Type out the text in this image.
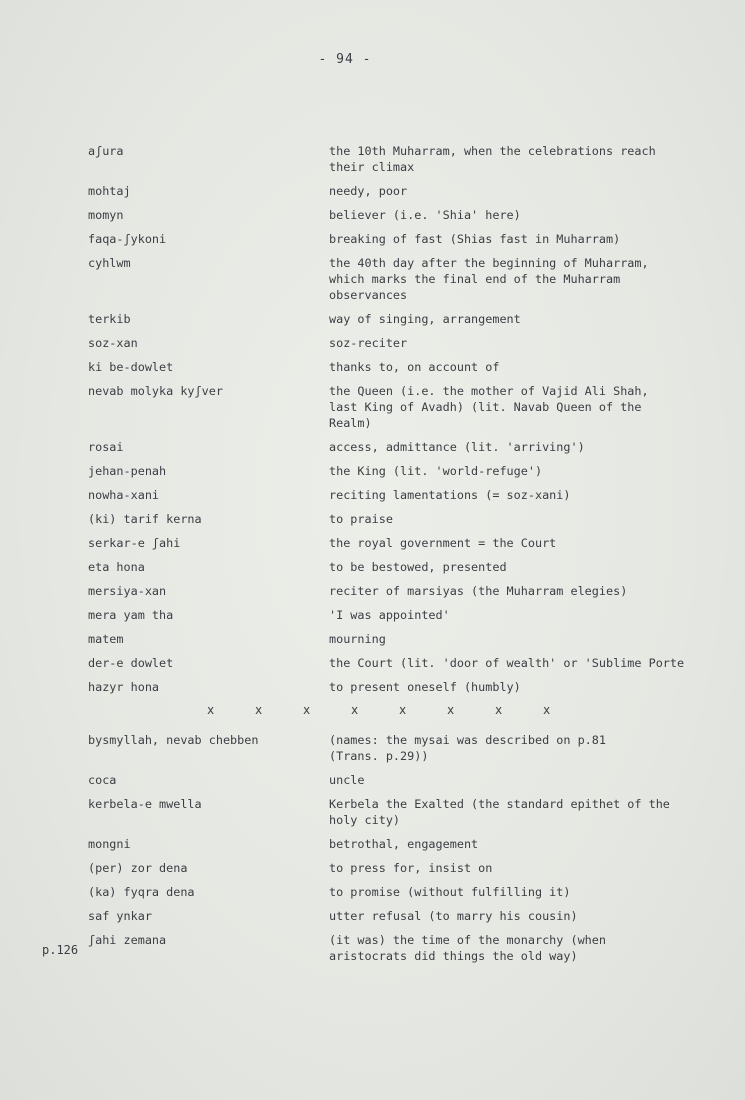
- 94 -
aʃura	the 10th Muharram, when the celebrations reach
their climax
mohtaj	needy, poor
momyn	believer (i.e. 'Shia' here)
faqa-ʃykoni	breaking of fast (Shias fast in Muharram)
cyhlwm	the 40th day after the beginning of Muharram,
which marks the final end of the Muharram
observances
terkib	way of singing, arrangement
soz-xan	soz-reciter
ki be-dowlet	thanks to, on account of
nevab molyka kyʃver	the Queen (i.e. the mother of Vajid Ali Shah,
last King of Avadh) (lit. Navab Queen of the
Realm)
rosai	access, admittance (lit. 'arriving')
jehan-penah	the King (lit. 'world-refuge')
nowha-xani	reciting lamentations (= soz-xani)
(ki) tarif kerna	to praise
serkar-e ʃahi	the royal government = the Court
eta hona	to be bestowed, presented
mersiya-xan	reciter of marsiyas (the Muharram elegies)
mera yam tha	'I was appointed'
matem	mourning
der-e dowlet	the Court (lit. 'door of wealth' or 'Sublime Porte
hazyr hona	to present oneself (humbly)
x	x	x	x	x	x	x	x
bysmyllah, nevab chebben	(names: the mysai was described on p.81
(Trans. p.29))
coca	uncle
kerbela-e mwella	Kerbela the Exalted (the standard epithet of the
holy city)
mongni	betrothal, engagement
(per) zor dena	to press for, insist on
(ka) fyqra dena	to promise (without fulfilling it)
saf ynkar	utter refusal (to marry his cousin)
ʃahi zemana	(it was) the time of the monarchy (when
aristocrats did things the old way)
p.126
